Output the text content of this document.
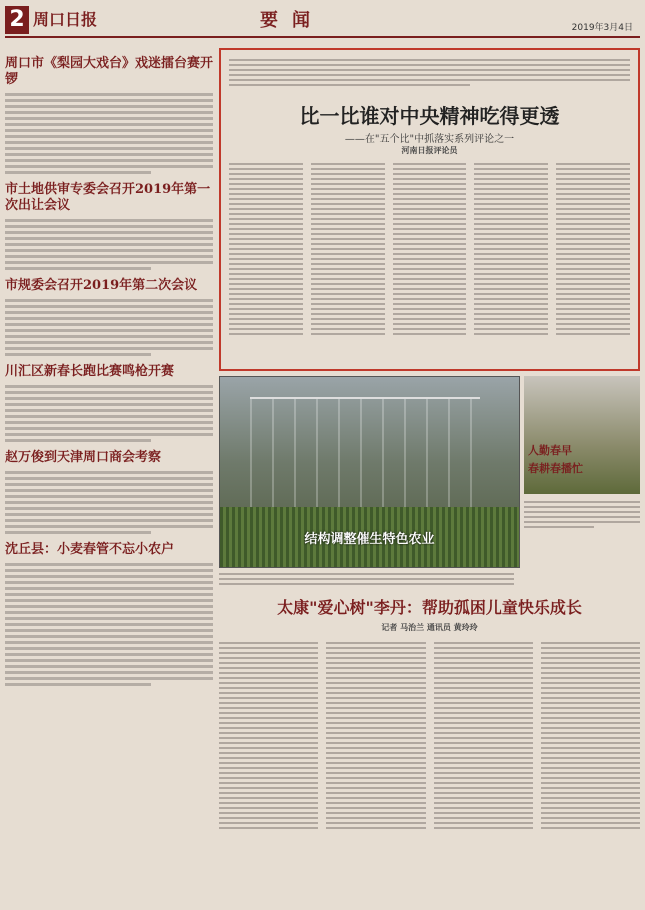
2 周口日报	要闻	2019年3月4日
周口市《梨园大戏台》戏迷擂台赛开锣
市土地供审专委会召开2019年第一次出让会议
市规委会召开2019年第二次会议
川汇区新春长跑比赛鸣枪开赛
赵万俊到天津周口商会考察
沈丘县：小麦春管不忘小农户
比一比谁对中央精神吃得更透
——在"五个比"中抓落实系列评论之一
河南日报评论员
结构调整催生特色农业
人勤春早
春耕春播忙
太康"爱心树"李丹：帮助孤困儿童快乐成长
记者 马治兰 通讯员 黄玲玲
